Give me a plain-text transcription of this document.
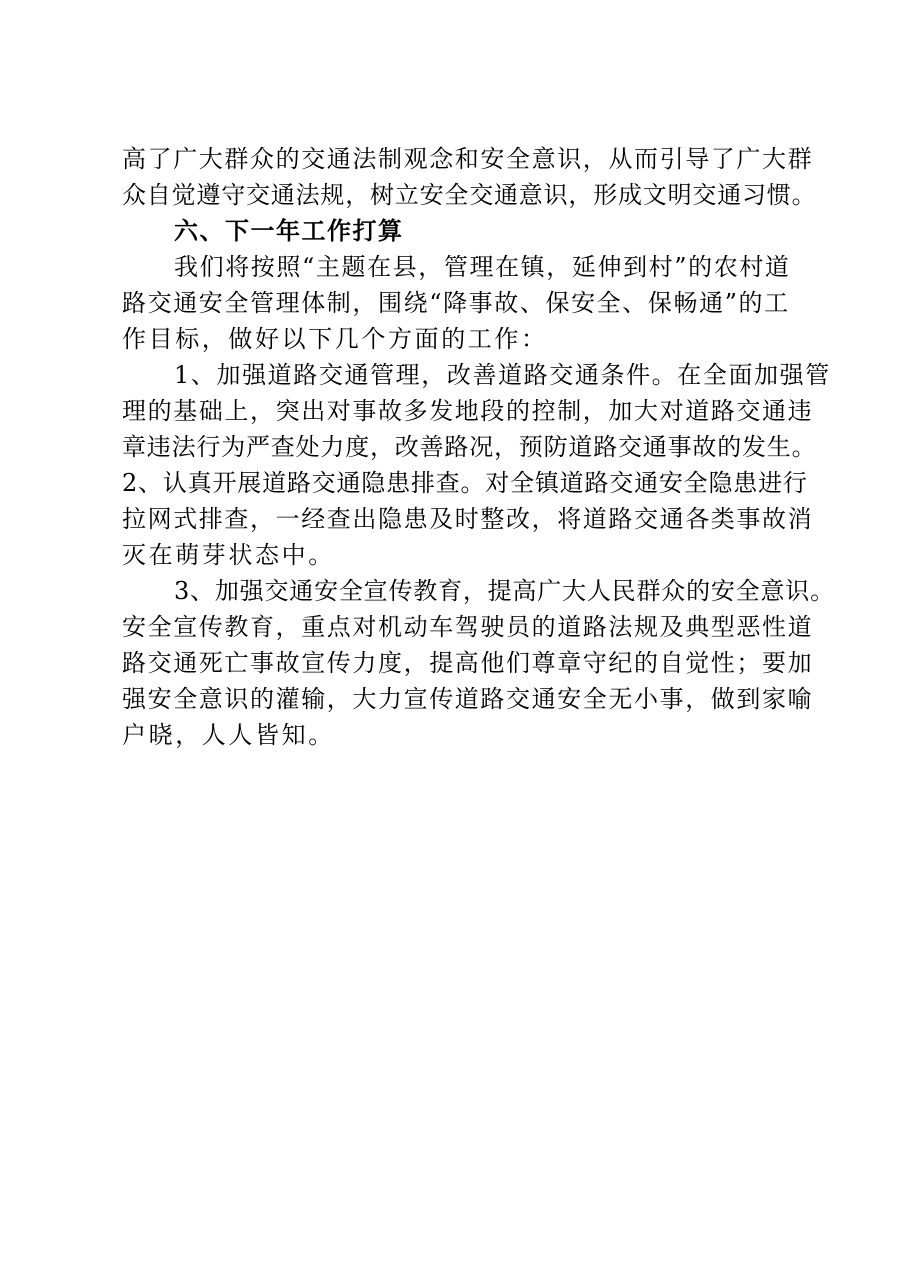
高了广大群众的交通法制观念和安全意识，从而引导了广大群
众自觉遵守交通法规，树立安全交通意识，形成文明交通习惯。
六、下一年工作打算
我们将按照“主题在县，管理在镇，延伸到村”的农村道
路交通安全管理体制，围绕“降事故、保安全、保畅通”的工
作目标，做好以下几个方面的工作：
1、加强道路交通管理，改善道路交通条件。在全面加强管
理的基础上，突出对事故多发地段的控制，加大对道路交通违
章违法行为严查处力度，改善路况，预防道路交通事故的发生。
2、认真开展道路交通隐患排查。对全镇道路交通安全隐患进行
拉网式排查，一经查出隐患及时整改，将道路交通各类事故消
灭在萌芽状态中。
3、加强交通安全宣传教育，提高广大人民群众的安全意识。
安全宣传教育，重点对机动车驾驶员的道路法规及典型恶性道
路交通死亡事故宣传力度，提高他们尊章守纪的自觉性；要加
强安全意识的灌输，大力宣传道路交通安全无小事，做到家喻
户晓，人人皆知。
